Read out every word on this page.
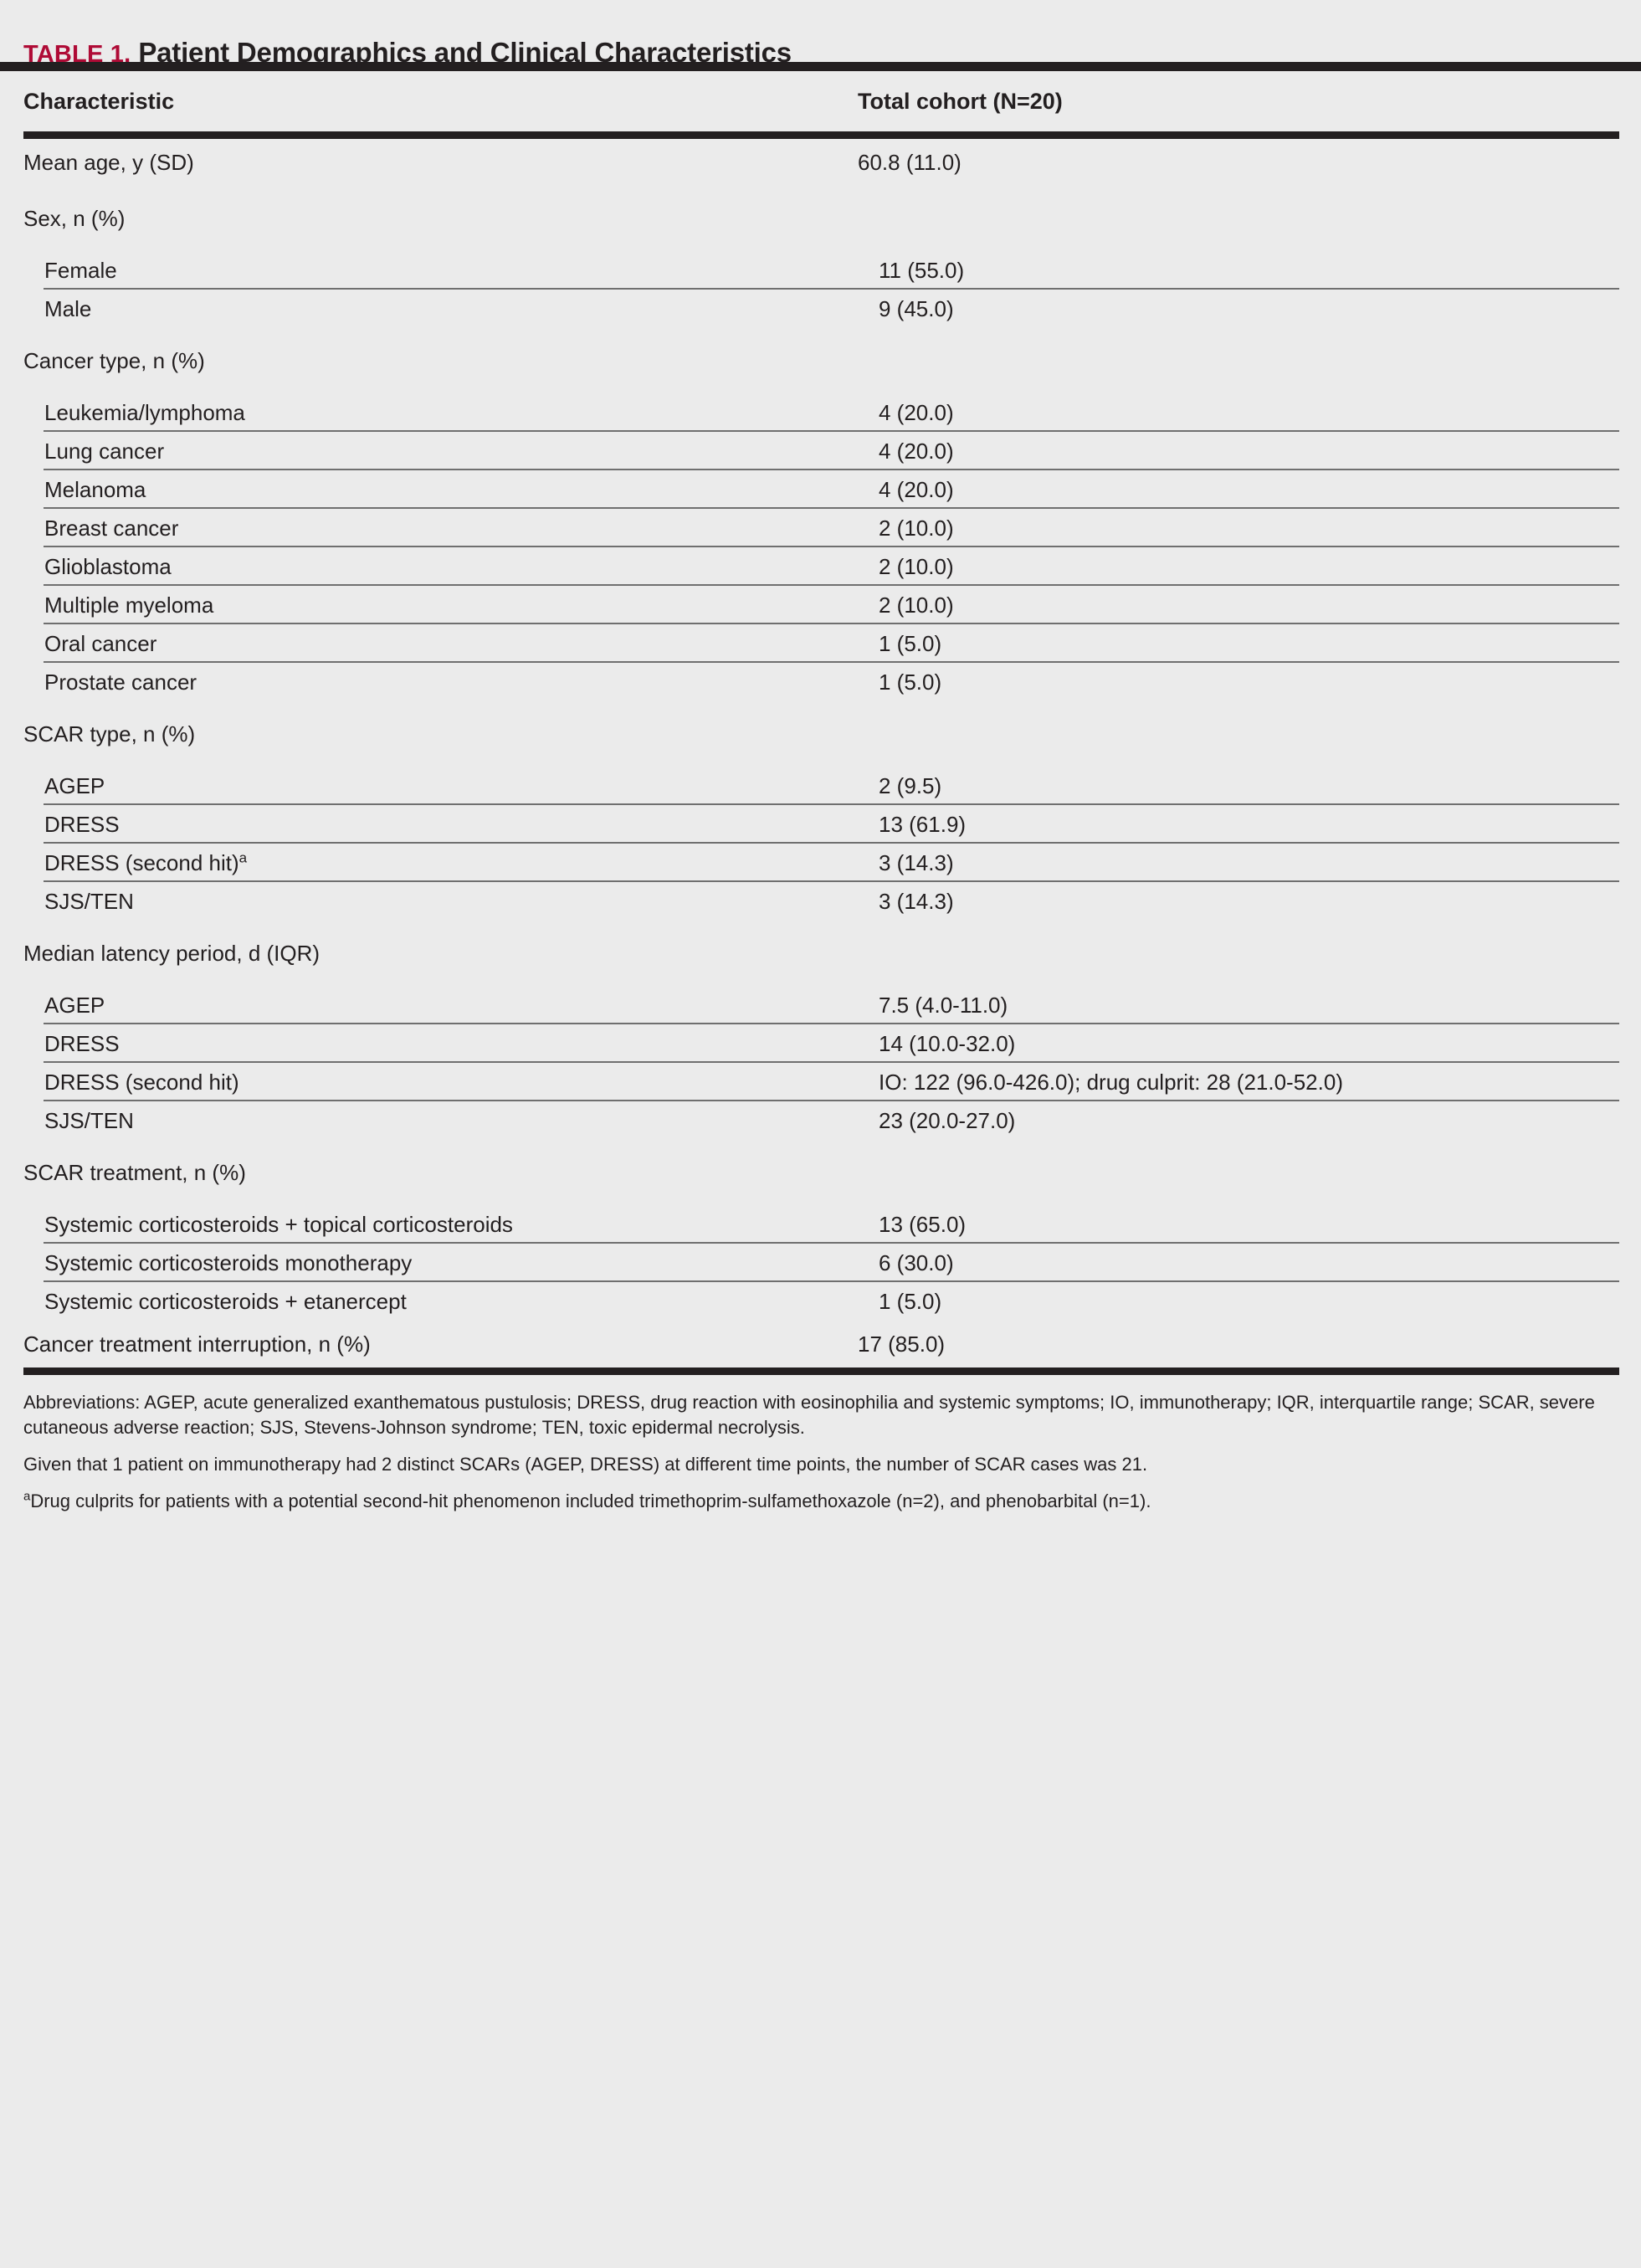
TABLE 1. Patient Demographics and Clinical Characteristics
Characteristic	Total cohort (N=20)
Mean age, y (SD)	60.8 (11.0)
Sex, n (%)
Female	11 (55.0)
Male	9 (45.0)
Cancer type, n (%)
Leukemia/lymphoma	4 (20.0)
Lung cancer	4 (20.0)
Melanoma	4 (20.0)
Breast cancer	2 (10.0)
Glioblastoma	2 (10.0)
Multiple myeloma	2 (10.0)
Oral cancer	1 (5.0)
Prostate cancer	1 (5.0)
SCAR type, n (%)
AGEP	2 (9.5)
DRESS	13 (61.9)
DRESS (second hit)$^a$	3 (14.3)
SJS/TEN	3 (14.3)
Median latency period, d (IQR)
AGEP	7.5 (4.0-11.0)
DRESS	14 (10.0-32.0)
DRESS (second hit)	IO: 122 (96.0-426.0); drug culprit: 28 (21.0-52.0)
SJS/TEN	23 (20.0-27.0)
SCAR treatment, n (%)
Systemic corticosteroids + topical corticosteroids	13 (65.0)
Systemic corticosteroids monotherapy	6 (30.0)
Systemic corticosteroids + etanercept	1 (5.0)
Cancer treatment interruption, n (%)	17 (85.0)

Abbreviations: AGEP, acute generalized exanthematous pustulosis; DRESS, drug reaction with eosinophilia and systemic symptoms; IO, immunotherapy; IQR, interquartile range; SCAR, severe cutaneous adverse reaction; SJS, Stevens-Johnson syndrome; TEN, toxic epidermal necrolysis.

Given that 1 patient on immunotherapy had 2 distinct SCARs (AGEP, DRESS) at different time points, the number of SCAR cases was 21.

$^a$Drug culprits for patients with a potential second-hit phenomenon included trimethoprim-sulfamethoxazole (n=2), and phenobarbital (n=1).
